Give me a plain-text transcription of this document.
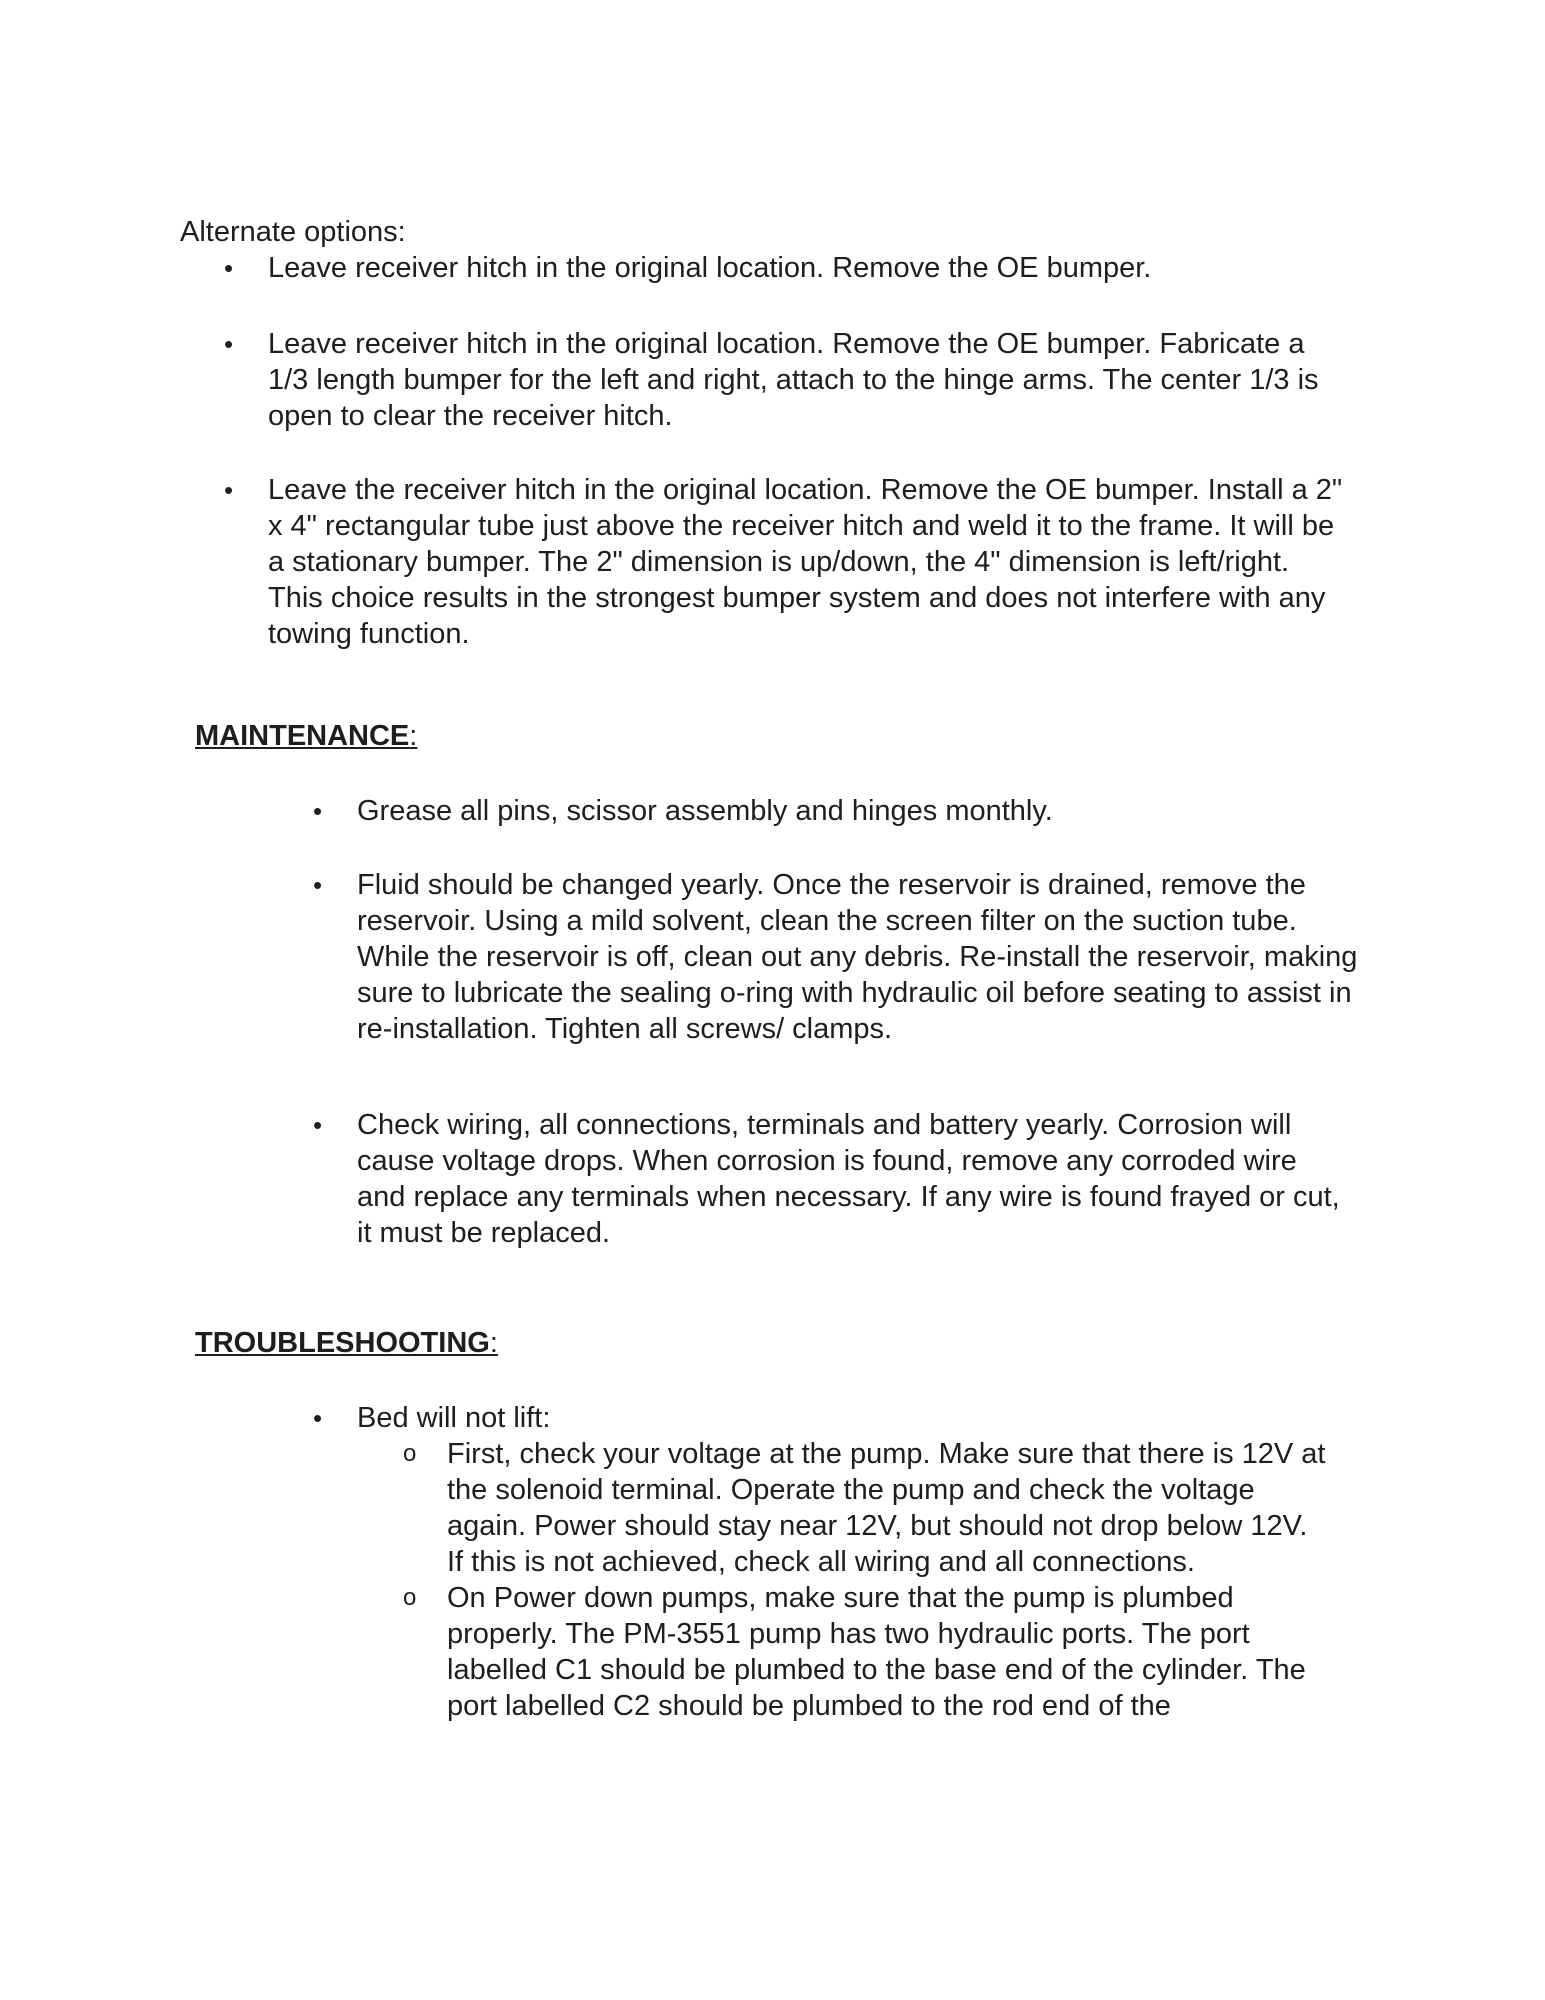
Alternate options:

• Leave receiver hitch in the original location. Remove the OE bumper.
• Leave receiver hitch in the original location. Remove the OE bumper. Fabricate a 1/3 length bumper for the left and right, attach to the hinge arms. The center 1/3 is open to clear the receiver hitch.
• Leave the receiver hitch in the original location. Remove the OE bumper. Install a 2" x 4" rectangular tube just above the receiver hitch and weld it to the frame. It will be a stationary bumper. The 2" dimension is up/down, the 4" dimension is left/right. This choice results in the strongest bumper system and does not interfere with any towing function.
MAINTENANCE:
• Grease all pins, scissor assembly and hinges monthly.
• Fluid should be changed yearly. Once the reservoir is drained, remove the reservoir. Using a mild solvent, clean the screen filter on the suction tube. While the reservoir is off, clean out any debris. Re-install the reservoir, making sure to lubricate the sealing o-ring with hydraulic oil before seating to assist in re-installation. Tighten all screws/ clamps.
• Check wiring, all connections, terminals and battery yearly. Corrosion will cause voltage drops. When corrosion is found, remove any corroded wire and replace any terminals when necessary. If any wire is found frayed or cut, it must be replaced.
TROUBLESHOOTING:
• Bed will not lift:
o First, check your voltage at the pump. Make sure that there is 12V at the solenoid terminal. Operate the pump and check the voltage again. Power should stay near 12V, but should not drop below 12V. If this is not achieved, check all wiring and all connections.
o On Power down pumps, make sure that the pump is plumbed properly. The PM-3551 pump has two hydraulic ports. The port labelled C1 should be plumbed to the base end of the cylinder. The port labelled C2 should be plumbed to the rod end of the
